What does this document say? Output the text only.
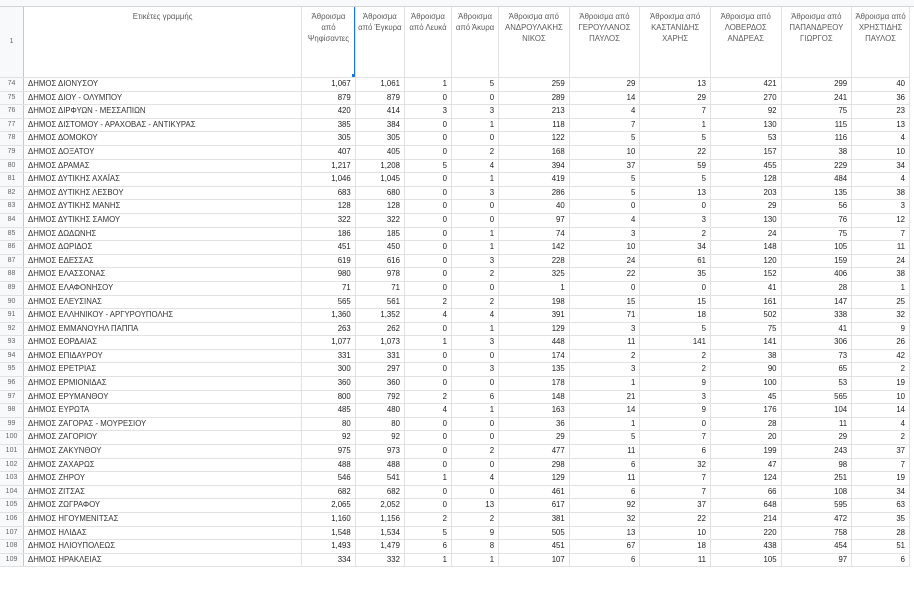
1	Ετικέτες γραμμής	Άθροισμα από Ψηφίσαντες	Άθροισμα από Έγκυρα	Άθροισμα από Λευκά	Άθροισμα από Άκυρα	Άθροισμα από ΑΝΔΡΟΥΛΑΚΗΣ ΝΙΚΟΣ	Άθροισμα από ΓΕΡΟΥΛΑΝΟΣ ΠΑΥΛΟΣ	Άθροισμα από ΚΑΣΤΑΝΙΔΗΣ ΧΑΡΗΣ	Άθροισμα από ΛΟΒΕΡΔΟΣ ΑΝΔΡΕΑΣ	Άθροισμα από ΠΑΠΑΝΔΡΕΟΥ ΓΙΩΡΓΟΣ	Άθροισμα από ΧΡΗΣΤΙΔΗΣ ΠΑΥΛΟΣ
74	ΔΗΜΟΣ ΔΙΟΝΥΣΟΥ	1,067	1,061	1	5	259	29	13	421	299	40
75	ΔΗΜΟΣ ΔΙΟΥ - ΟΛΥΜΠΟΥ	879	879	0	0	289	14	29	270	241	36
76	ΔΗΜΟΣ ΔΙΡΦΥΩΝ - ΜΕΣΣΑΠΙΩΝ	420	414	3	3	213	4	7	92	75	23
77	ΔΗΜΟΣ ΔΙΣΤΟΜΟΥ - ΑΡΑΧΟΒΑΣ - ΑΝΤΙΚΥΡΑΣ	385	384	0	1	118	7	1	130	115	13
78	ΔΗΜΟΣ ΔΟΜΟΚΟΥ	305	305	0	0	122	5	5	53	116	4
79	ΔΗΜΟΣ ΔΟΞΑΤΟΥ	407	405	0	2	168	10	22	157	38	10
80	ΔΗΜΟΣ ΔΡΑΜΑΣ	1,217	1,208	5	4	394	37	59	455	229	34
81	ΔΗΜΟΣ ΔΥΤΙΚΗΣ ΑΧΑΪΑΣ	1,046	1,045	0	1	419	5	5	128	484	4
82	ΔΗΜΟΣ ΔΥΤΙΚΗΣ ΛΕΣΒΟΥ	683	680	0	3	286	5	13	203	135	38
83	ΔΗΜΟΣ ΔΥΤΙΚΗΣ ΜΑΝΗΣ	128	128	0	0	40	0	0	29	56	3
84	ΔΗΜΟΣ ΔΥΤΙΚΗΣ ΣΑΜΟΥ	322	322	0	0	97	4	3	130	76	12
85	ΔΗΜΟΣ ΔΩΔΩΝΗΣ	186	185	0	1	74	3	2	24	75	7
86	ΔΗΜΟΣ ΔΩΡΙΔΟΣ	451	450	0	1	142	10	34	148	105	11
87	ΔΗΜΟΣ ΕΔΕΣΣΑΣ	619	616	0	3	228	24	61	120	159	24
88	ΔΗΜΟΣ ΕΛΑΣΣΟΝΑΣ	980	978	0	2	325	22	35	152	406	38
89	ΔΗΜΟΣ ΕΛΑΦΟΝΗΣΟΥ	71	71	0	0	1	0	0	41	28	1
90	ΔΗΜΟΣ ΕΛΕΥΣΙΝΑΣ	565	561	2	2	198	15	15	161	147	25
91	ΔΗΜΟΣ ΕΛΛΗΝΙΚΟΥ - ΑΡΓΥΡΟΥΠΟΛΗΣ	1,360	1,352	4	4	391	71	18	502	338	32
92	ΔΗΜΟΣ ΕΜΜΑΝΟΥΗΛ ΠΑΠΠΑ	263	262	0	1	129	3	5	75	41	9
93	ΔΗΜΟΣ ΕΟΡΔΑΙΑΣ	1,077	1,073	1	3	448	11	141	141	306	26
94	ΔΗΜΟΣ ΕΠΙΔΑΥΡΟΥ	331	331	0	0	174	2	2	38	73	42
95	ΔΗΜΟΣ ΕΡΕΤΡΙΑΣ	300	297	0	3	135	3	2	90	65	2
96	ΔΗΜΟΣ ΕΡΜΙΟΝΙΔΑΣ	360	360	0	0	178	1	9	100	53	19
97	ΔΗΜΟΣ ΕΡΥΜΑΝΘΟΥ	800	792	2	6	148	21	3	45	565	10
98	ΔΗΜΟΣ ΕΥΡΩΤΑ	485	480	4	1	163	14	9	176	104	14
99	ΔΗΜΟΣ ΖΑΓΟΡΑΣ - ΜΟΥΡΕΣΙΟΥ	80	80	0	0	36	1	0	28	11	4
100	ΔΗΜΟΣ ΖΑΓΟΡΙΟΥ	92	92	0	0	29	5	7	20	29	2
101	ΔΗΜΟΣ ΖΑΚΥΝΘΟΥ	975	973	0	2	477	11	6	199	243	37
102	ΔΗΜΟΣ ΖΑΧΑΡΩΣ	488	488	0	0	298	6	32	47	98	7
103	ΔΗΜΟΣ ΖΗΡΟΥ	546	541	1	4	129	11	7	124	251	19
104	ΔΗΜΟΣ ΖΙΤΣΑΣ	682	682	0	0	461	6	7	66	108	34
105	ΔΗΜΟΣ ΖΩΓΡΑΦΟΥ	2,065	2,052	0	13	617	92	37	648	595	63
106	ΔΗΜΟΣ ΗΓΟΥΜΕΝΙΤΣΑΣ	1,160	1,156	2	2	381	32	22	214	472	35
107	ΔΗΜΟΣ ΗΛΙΔΑΣ	1,548	1,534	5	9	505	13	10	220	758	28
108	ΔΗΜΟΣ ΗΛΙΟΥΠΟΛΕΩΣ	1,493	1,479	6	8	451	67	18	438	454	51
109	ΔΗΜΟΣ ΗΡΑΚΛΕΙΑΣ	334	332	1	1	107	6	11	105	97	6
